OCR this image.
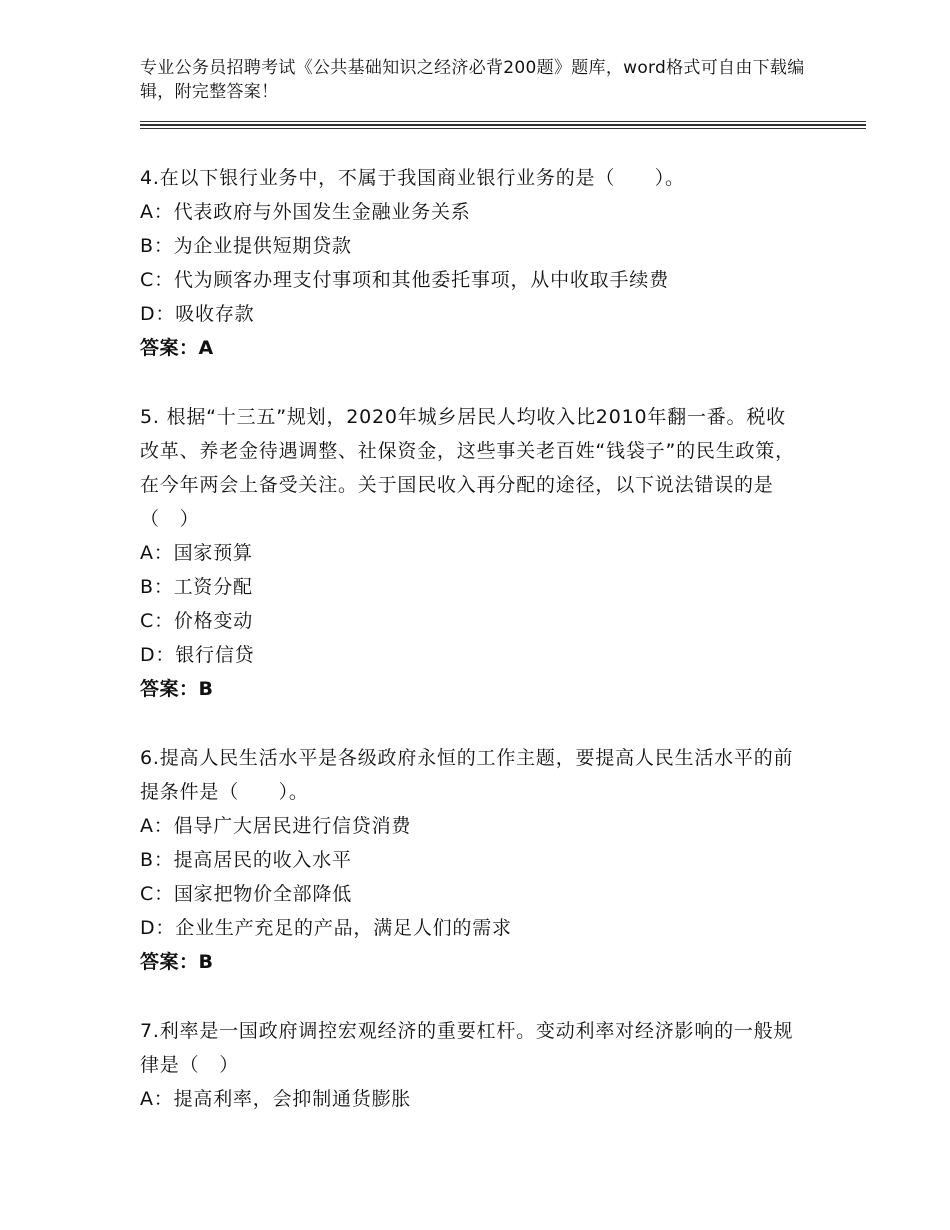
专业公务员招聘考试《公共基础知识之经济必背200题》题库，word格式可自由下载编辑，附完整答案！
4.在以下银行业务中，不属于我国商业银行业务的是（　　）。
A：代表政府与外国发生金融业务关系
B：为企业提供短期贷款
C：代为顾客办理支付事项和其他委托事项，从中收取手续费
D：吸收存款
答案：A
5. 根据“十三五”规划，2020年城乡居民人均收入比2010年翻一番。税收改革、养老金待遇调整、社保资金，这些事关老百姓“钱袋子”的民生政策，在今年两会上备受关注。关于国民收入再分配的途径，以下说法错误的是（　）
A：国家预算
B：工资分配
C：价格变动
D：银行信贷
答案：B
6.提高人民生活水平是各级政府永恒的工作主题，要提高人民生活水平的前提条件是（　　）。
A：倡导广大居民进行信贷消费
B：提高居民的收入水平
C：国家把物价全部降低
D：企业生产充足的产品，满足人们的需求
答案：B
7.利率是一国政府调控宏观经济的重要杠杆。变动利率对经济影响的一般规律是（　）
A：提高利率，会抑制通货膨胀
